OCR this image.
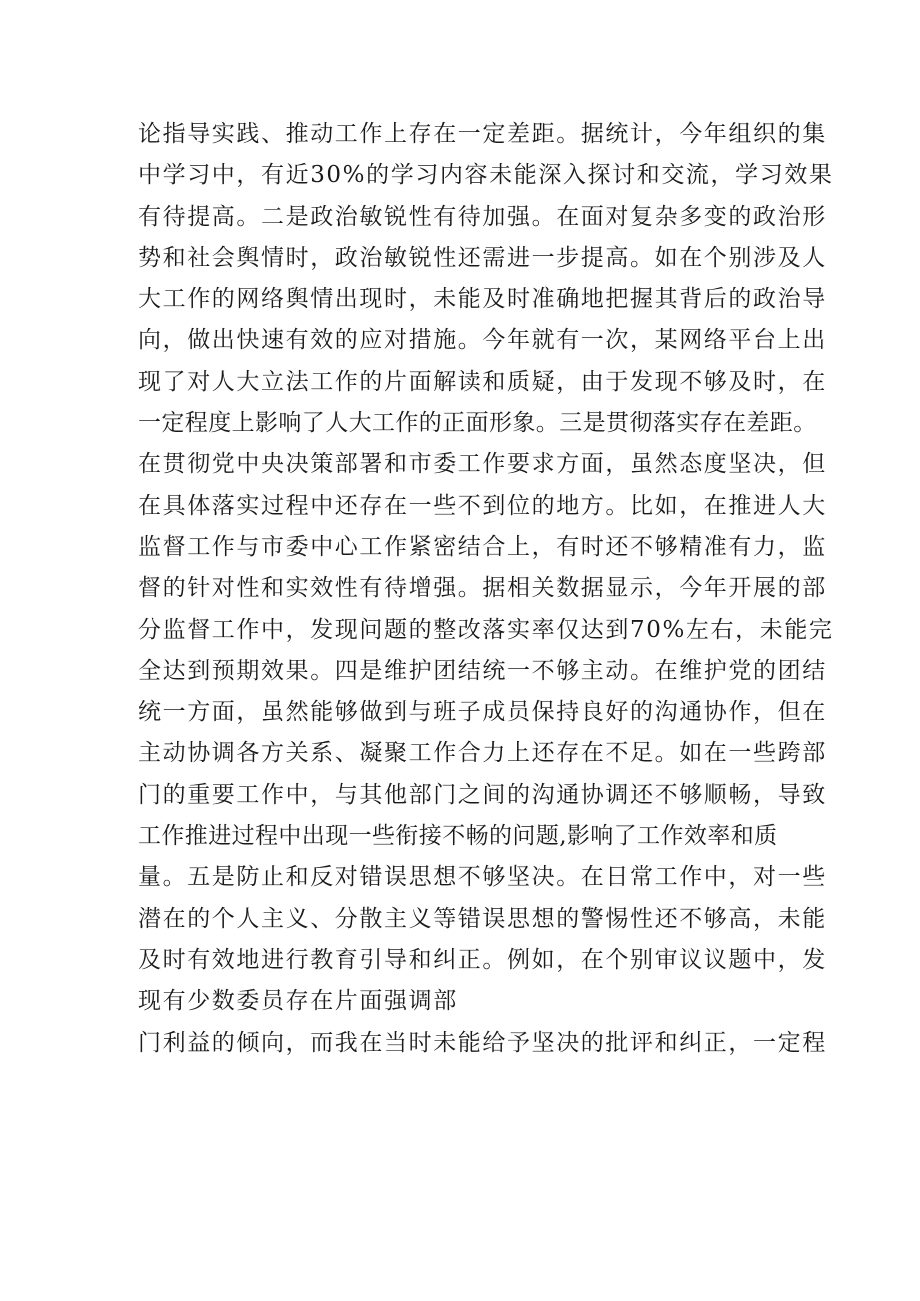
论指导实践、推动工作上存在一定差距。据统计，今年组织的集
中学习中，有近30%的学习内容未能深入探讨和交流，学习效果
有待提高。二是政治敏锐性有待加强。在面对复杂多变的政治形
势和社会舆情时，政治敏锐性还需进一步提高。如在个别涉及人
大工作的网络舆情出现时，未能及时准确地把握其背后的政治导
向，做出快速有效的应对措施。今年就有一次，某网络平台上出
现了对人大立法工作的片面解读和质疑，由于发现不够及时，在
一定程度上影响了人大工作的正面形象。三是贯彻落实存在差距。
在贯彻党中央决策部署和市委工作要求方面，虽然态度坚决，但
在具体落实过程中还存在一些不到位的地方。比如，在推进人大
监督工作与市委中心工作紧密结合上，有时还不够精准有力，监
督的针对性和实效性有待增强。据相关数据显示，今年开展的部
分监督工作中，发现问题的整改落实率仅达到70%左右，未能完
全达到预期效果。四是维护团结统一不够主动。在维护党的团结
统一方面，虽然能够做到与班子成员保持良好的沟通协作，但在
主动协调各方关系、凝聚工作合力上还存在不足。如在一些跨部
门的重要工作中，与其他部门之间的沟通协调还不够顺畅，导致
工作推进过程中出现一些衔接不畅的问题,影响了工作效率和质
量。五是防止和反对错误思想不够坚决。在日常工作中，对一些
潜在的个人主义、分散主义等错误思想的警惕性还不够高，未能
及时有效地进行教育引导和纠正。例如，在个别审议议题中，发
现有少数委员存在片面强调部
门利益的倾向，而我在当时未能给予坚决的批评和纠正，一定程
